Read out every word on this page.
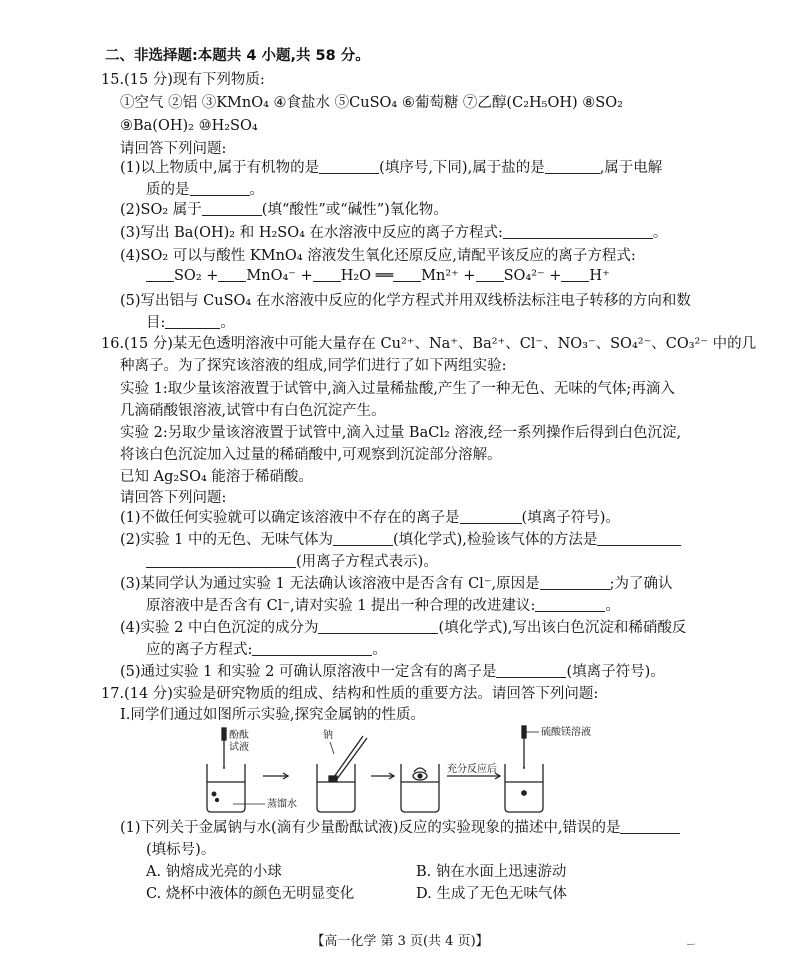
二、非选择题:本题共 4 小题,共 58 分。
15.(15 分)现有下列物质:
①空气 ②铝 ③KMnO₄ ④食盐水 ⑤CuSO₄ ⑥葡萄糖 ⑦乙醇(C₂H₅OH) ⑧SO₂
⑨Ba(OH)₂ ⑩H₂SO₄
请回答下列问题:
(1)以上物质中,属于有机物的是	(填序号,下同),属于盐的是	,属于电解
质的是	。
(2)SO₂ 属于	(填“酸性”或“碱性”)氧化物。
(3)写出 Ba(OH)₂ 和 H₂SO₄ 在水溶液中反应的离子方程式:	。
(4)SO₂ 可以与酸性 KMnO₄ 溶液发生氧化还原反应,请配平该反应的离子方程式:
SO₂ + MnO₄⁻ + H₂O ══ Mn²⁺ + SO₄²⁻ + H⁺
(5)写出铝与 CuSO₄ 在水溶液中反应的化学方程式并用双线桥法标注电子转移的方向和数
目:	。
16.(15 分)某无色透明溶液中可能大量存在 Cu²⁺、Na⁺、Ba²⁺、Cl⁻、NO₃⁻、SO₄²⁻、CO₃²⁻ 中的几
种离子。为了探究该溶液的组成,同学们进行了如下两组实验:
实验 1:取少量该溶液置于试管中,滴入过量稀盐酸,产生了一种无色、无味的气体;再滴入
几滴硝酸银溶液,试管中有白色沉淀产生。
实验 2:另取少量该溶液置于试管中,滴入过量 BaCl₂ 溶液,经一系列操作后得到白色沉淀,
将该白色沉淀加入过量的稀硝酸中,可观察到沉淀部分溶解。
已知 Ag₂SO₄ 能溶于稀硝酸。
请回答下列问题:
(1)不做任何实验就可以确定该溶液中不存在的离子是	(填离子符号)。
(2)实验 1 中的无色、无味气体为	(填化学式),检验该气体的方法是
(用离子方程式表示)。
(3)某同学认为通过实验 1 无法确认该溶液中是否含有 Cl⁻,原因是	;为了确认
原溶液中是否含有 Cl⁻,请对实验 1 提出一种合理的改进建议:	。
(4)实验 2 中白色沉淀的成分为	(填化学式),写出该白色沉淀和稀硝酸反
应的离子方程式:	。
(5)通过实验 1 和实验 2 可确认原溶液中一定含有的离子是	(填离子符号)。
17.(14 分)实验是研究物质的组成、结构和性质的重要方法。请回答下列问题:
Ⅰ.同学们通过如图所示实验,探究金属钠的性质。
酚酞
试液
蒸馏水
钠
充分反应后
硫酸镁溶液
(1)下列关于金属钠与水(滴有少量酚酞试液)反应的实验现象的描述中,错误的是
(填标号)。
A. 钠熔成光亮的小球	B. 钠在水面上迅速游动
C. 烧杯中液体的颜色无明显变化	D. 生成了无色无味气体
【高一化学 第 3 页(共 4 页)】	ー
